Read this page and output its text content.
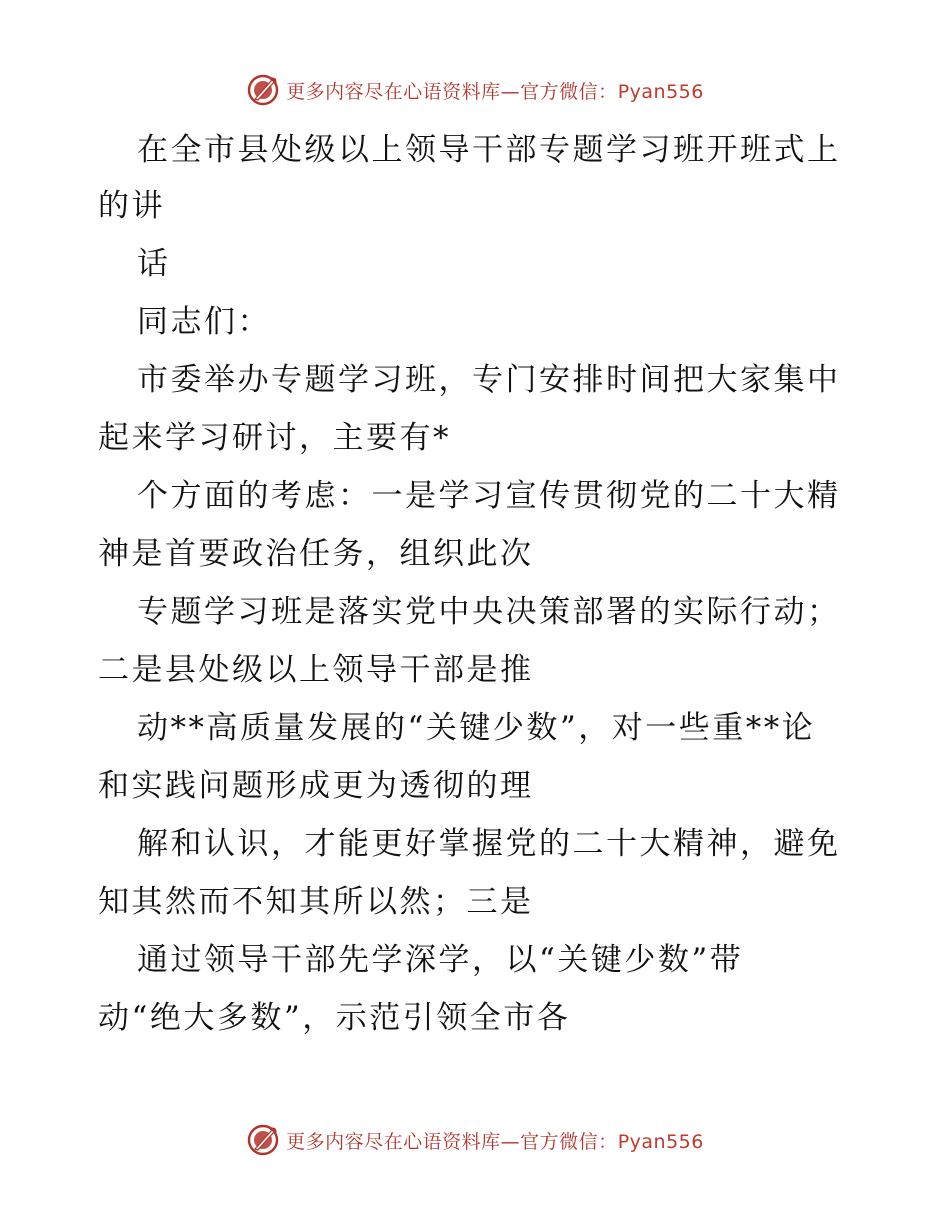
更多内容尽在心语资料库—官方微信：Pyan556
在全市县处级以上领导干部专题学习班开班式上
的讲
话
同志们：
市委举办专题学习班，专门安排时间把大家集中
起来学习研讨，主要有*
个方面的考虑：一是学习宣传贯彻党的二十大精
神是首要政治任务，组织此次
专题学习班是落实党中央决策部署的实际行动；
二是县处级以上领导干部是推
动**高质量发展的“关键少数”，对一些重**论
和实践问题形成更为透彻的理
解和认识，才能更好掌握党的二十大精神，避免
知其然而不知其所以然；三是
通过领导干部先学深学，以“关键少数”带
动“绝大多数”，示范引领全市各
更多内容尽在心语资料库—官方微信：Pyan556
